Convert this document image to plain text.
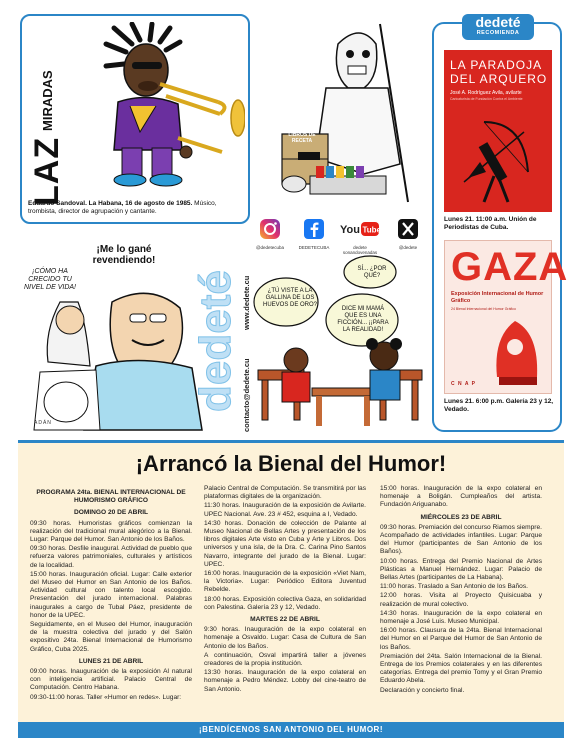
LAZ
MIRADAS
Eduardo Sandoval. La Habana, 16 de agosto de 1985. Músico, trombista, director de agrupación y cantante.
LIBROS DE RECETA
@dedetecuba	DEDETECUBA
You Tube
dedete sonandovenadas
@dedete
¡Me lo gané revendiendo!
¡CÓMO HA CRECIDO TU NIVEL DE VIDA!
ADÁN
dedeté www.dedete.cu
contacto@dedete.cu
¿TÚ VISTE A LA GALLINA DE LOS HUEVOS DE ORO?
SÍ... ¿POR QUÉ?
DICE MI MAMÁ QUE ES UNA FICCIÓN... ¡¡PARA LA REALIDAD!
dedeté
RECOMIENDA
LA PARADOJA
DEL ARQUERO
José A. Rodríguez Avila, avilarte
Caricaturista de Fundación Contra el Ambiente
Lunes 21. 11:00 a.m. Unión de Periodistas de Cuba.
GAZA
Exposición Internacional de Humor Gráfico
24 Bienal Internacional del Humor Gráfico
C N A P
Lunes 21. 6:00 p.m. Galería 23 y 12, Vedado.
¡Arrancó la Bienal del Humor!
PROGRAMA 24ta. BIENAL INTERNACIONAL DE HUMORISMO GRÁFICO
DOMINGO 20 DE ABRIL

09:30 horas. Humoristas gráficos comienzan la realización del tradicional mural alegórico a la Bienal. Lugar: Parque del Humor. San Antonio de los Baños.

09:30 horas. Desfile inaugural. Actividad de pueblo que refuerza valores patrimoniales, culturales y artísticos de la localidad.

15:00 horas. Inauguración oficial. Lugar: Calle exterior del Museo del Humor en San Antonio de los Baños. Actividad cultural con talento local escogido. Presentación del jurado internacional. Palabras inaugurales a cargo de Tubal Páez, presidente de honor de la UPEC.

Seguidamente, en el Museo del Humor, inauguración de la muestra colectiva del jurado y del Salón expositivo 24ta. Bienal Internacional de Humorismo Gráfico, Cuba 2025.

LUNES 21 DE ABRIL

09:00 horas. Inauguración de la exposición Al natural con inteligencia artificial. Palacio Central de Computación. Centro Habana.

09:30-11:00 horas. Taller «Humor en redes». Lugar:

Palacio Central de Computación. Se transmitirá por las plataformas digitales de la organización.

11:30 horas. Inauguración de la exposición de Avilarte. UPEC Nacional. Ave. 23 # 452, esquina a I, Vedado.

14:30 horas. Donación de colección de Palante al Museo Nacional de Bellas Artes y presentación de los libros digitales Arte visto en Cuba y Arte y Libros. Dos universos y una isla, de la Dra. C. Carina Pino Santos Navarro, integrante del jurado de la Bienal. Lugar: UPEC.

16:00 horas. Inauguración de la exposición «Viet Nam, la Victoria». Lugar: Periódico Editora Juventud Rebelde.

18:00 horas. Exposición colectiva Gaza, en solidaridad con Palestina. Galería 23 y 12, Vedado.

MARTES 22 DE ABRIL

9:30 horas. Inauguración de la expo colateral en homenaje a Osvaldo. Lugar: Casa de Cultura de San Antonio de los Baños.

A continuación, Osval impartirá taller a jóvenes creadores de la propia institución.

13:30 horas. Inauguración de la expo colateral en homenaje a Pedro Méndez. Lobby del cine-teatro de San Antonio.

15:00 horas. Inauguración de la expo colateral en homenaje a Boligán. Cumpleaños del artista. Fundación Ariguanabo.

MIÉRCOLES 23 DE ABRIL

09:30 horas. Premiación del concurso Riamos siempre. Acompañado de actividades infantiles. Lugar: Parque del Humor (participantes de San Antonio de los Baños).

10:00 horas. Entrega del Premio Nacional de Artes Plásticas a Manuel Hernández. Lugar: Palacio de Bellas Artes (participantes de La Habana).

11:00 horas. Traslado a San Antonio de los Baños.

12:00 horas. Visita al Proyecto Quisicuaba y realización de mural colectivo.

14:30 horas. Inauguración de la expo colateral en homenaje a José Luis. Museo Municipal.

16:00 horas. Clausura de la 24ta. Bienal Internacional del Humor en el Parque del Humor de San Antonio de los Baños.

Premiación del 24ta. Salón Internacional de la Bienal. Entrega de los Premios colaterales y en las diferentes categorías. Entrega del premio Tomy y el Gran Premio Eduardo Abela.

Declaración y concierto final.

¡BENDÍCENOS SAN ANTONIO DEL HUMOR!
